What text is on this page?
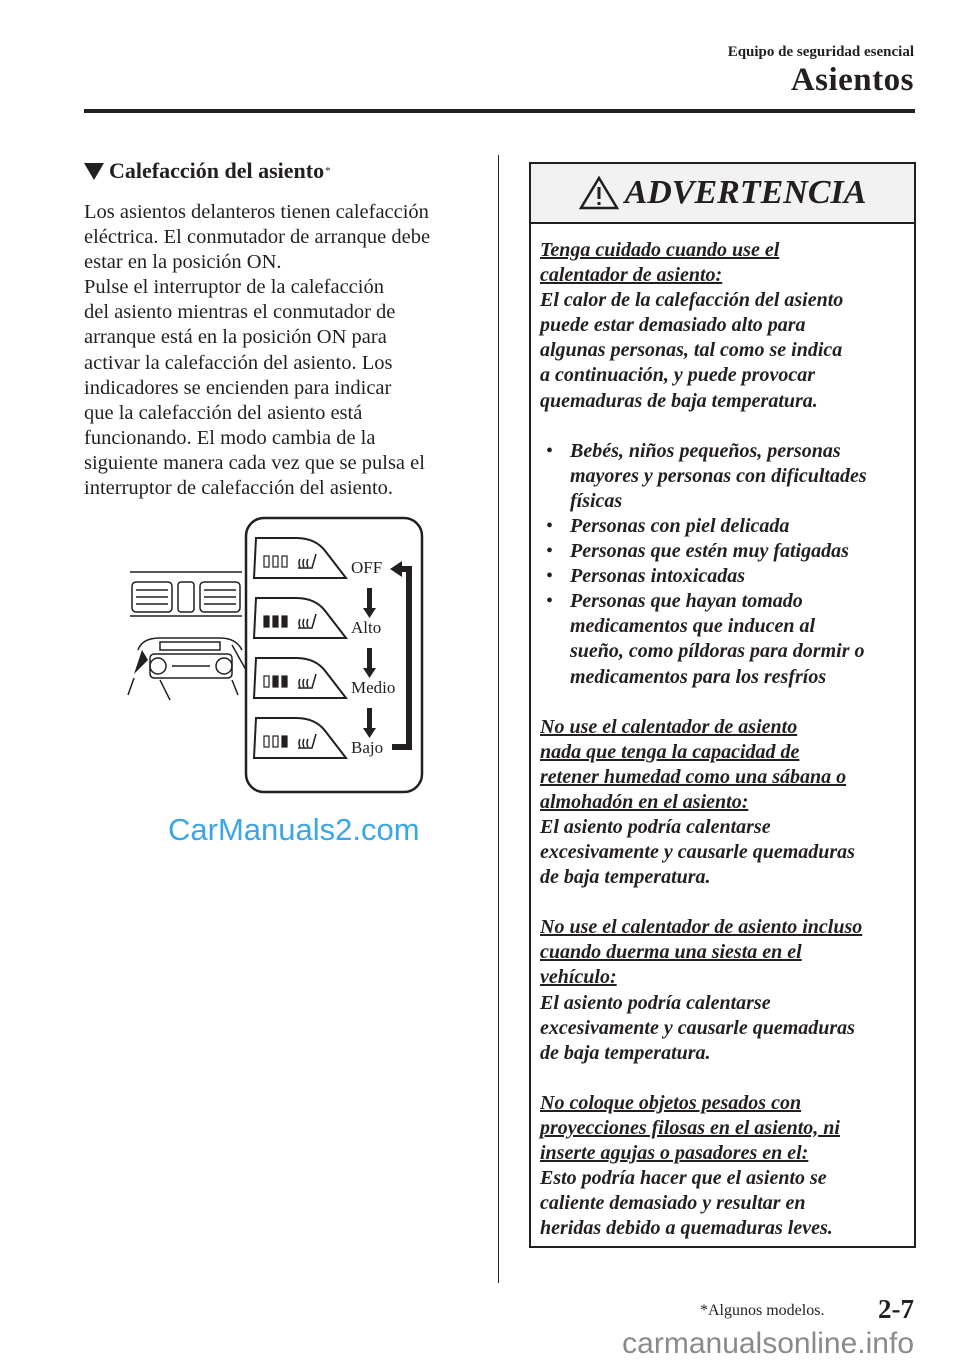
Equipo de seguridad esencial
Asientos
Calefacción del asiento *
Los asientos delanteros tienen calefacción
eléctrica. El conmutador de arranque debe
estar en la posición ON.
Pulse el interruptor de la calefacción
del asiento mientras el conmutador de
arranque está en la posición ON para
activar la calefacción del asiento. Los
indicadores se encienden para indicar
que la calefacción del asiento está
funcionando. El modo cambia de la
siguiente manera cada vez que se pulsa el
interruptor de calefacción del asiento.
OFF
Alto
Medio
Bajo
CarManuals2.com
ADVERTENCIA
Tenga cuidado cuando use el
calentador de asiento:
El calor de la calefacción del asiento
puede estar demasiado alto para
algunas personas, tal como se indica
a continuación, y puede provocar
quemaduras de baja temperatura.
• Bebés, niños pequeños, personas
mayores y personas con dificultades
físicas
• Personas con piel delicada
• Personas que estén muy fatigadas
• Personas intoxicadas
• Personas que hayan tomado
medicamentos que inducen al
sueño, como píldoras para dormir o
medicamentos para los resfríos
No use el calentador de asiento
nada que tenga la capacidad de
retener humedad como una sábana o
almohadón en el asiento:
El asiento podría calentarse
excesivamente y causarle quemaduras
de baja temperatura.
No use el calentador de asiento incluso
cuando duerma una siesta en el
vehículo:
El asiento podría calentarse
excesivamente y causarle quemaduras
de baja temperatura.
No coloque objetos pesados con
proyecciones filosas en el asiento, ni
inserte agujas o pasadores en el:
Esto podría hacer que el asiento se
caliente demasiado y resultar en
heridas debido a quemaduras leves.
*Algunos modelos. 2-7
carmanualsonline.info
